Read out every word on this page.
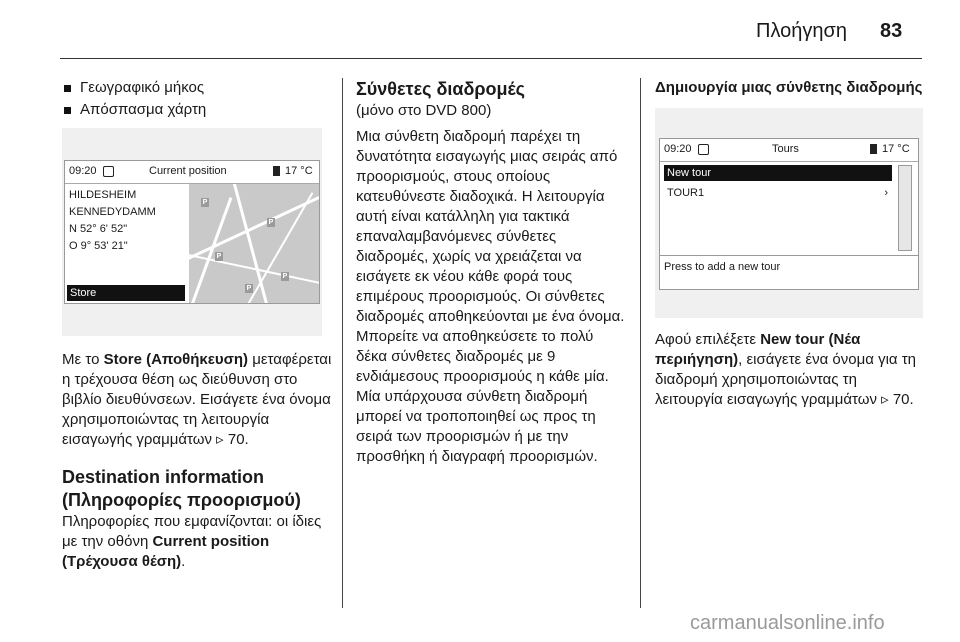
Πλοήγηση 83
Γεωγραφικό μήκος
Απόσπασμα χάρτη
09:20	Current position	17 °C
HILDESHEIM
KENNEDYDAMM
N 52° 6' 52"
O 9° 53' 21"
P
P
P
P
P
Store

Με το Store (Αποθήκευση) μεταφέρεται η τρέχουσα θέση ως διεύθυνση στο βιβλίο διευθύνσεων. Εισάγετε ένα όνομα χρησιμοποιώντας τη λειτουργία εισαγωγής γραμμάτων ▹ 70.

Destination information
(Πληροφορίες προορισμού)

Πληροφορίες που εμφανίζονται: οι ίδιες με την οθόνη Current position (Τρέχουσα θέση).

Σύνθετες διαδρομές

(μόνο στο DVD 800)

Μια σύνθετη διαδρομή παρέχει τη δυνατότητα εισαγωγής μιας σειράς από προορισμούς, στους οποίους κατευθύνεστε διαδοχικά. Η λειτουργία αυτή είναι κατάλληλη για τακτικά επαναλαμβανόμενες σύνθετες διαδρομές, χωρίς να χρειάζεται να εισάγετε εκ νέου κάθε φορά τους επιμέρους προορισμούς. Οι σύνθετες διαδρομές αποθηκεύονται με ένα όνομα. Μπορείτε να αποθηκεύσετε το πολύ δέκα σύνθετες διαδρομές με 9 ενδιάμεσους προορισμούς η κάθε μία. Μία υπάρχουσα σύνθετη διαδρομή μπορεί να τροποποιηθεί ως προς τη σειρά των προορισμών ή με την προσθήκη ή διαγραφή προορισμών.

Δημιουργία μιας σύνθετης διαδρομής

09:20	Tours	17 °C
New tour
TOUR1	›
Press to add a new tour

Αφού επιλέξετε New tour (Νέα περιήγηση), εισάγετε ένα όνομα για τη διαδρομή χρησιμοποιώντας τη λειτουργία εισαγωγής γραμμάτων ▹ 70.

carmanualsonline.info
